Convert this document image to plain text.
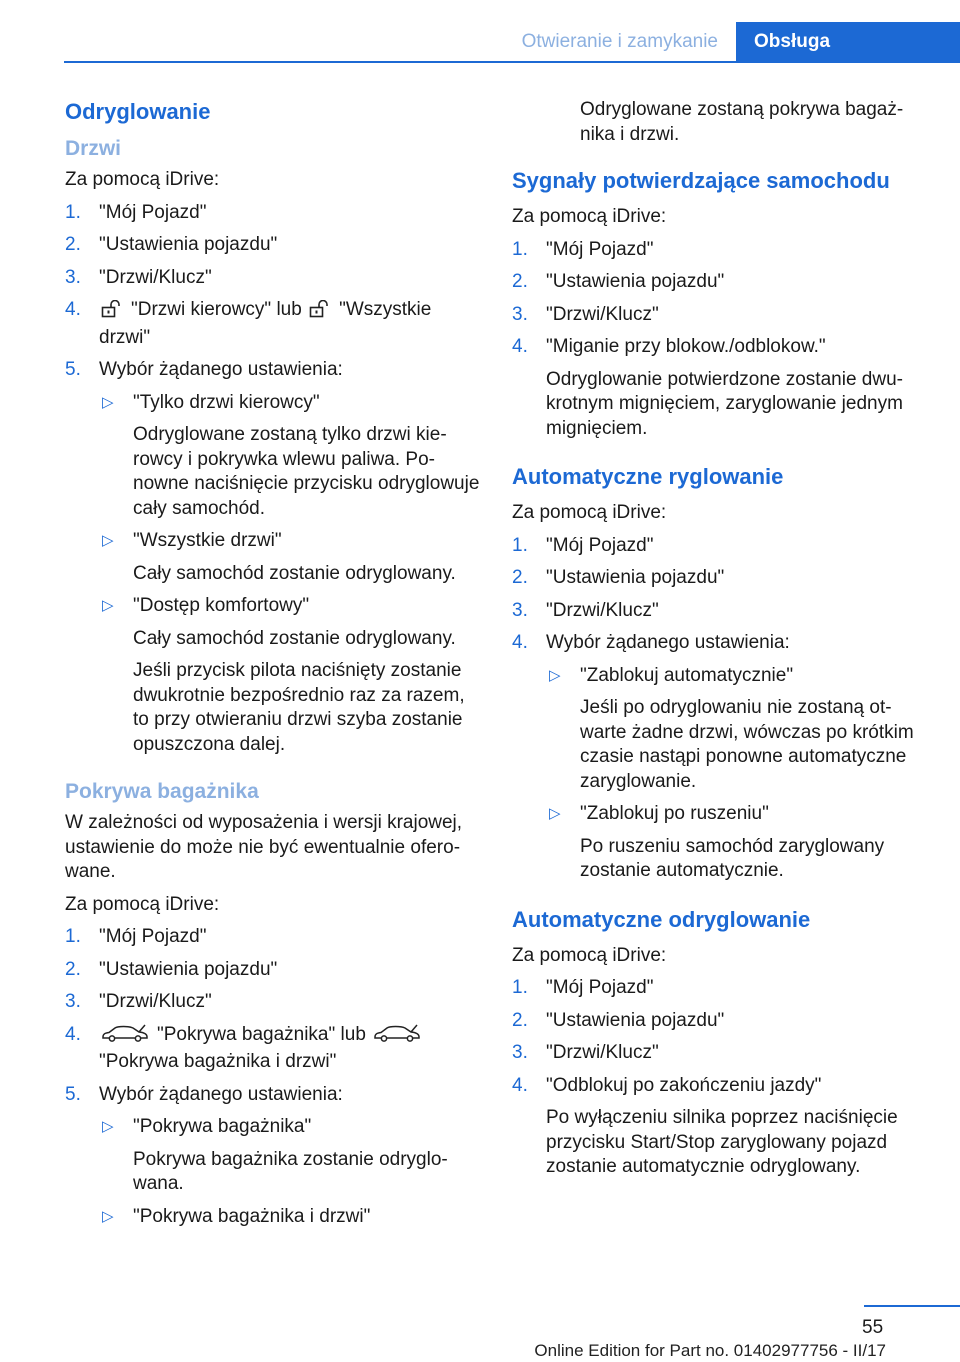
Otwieranie i zamykanie Obsługa
Odryglowanie
Drzwi

Za pomocą iDrive:

1. "Mój Pojazd"
2. "Ustawienia pojazdu"
3. "Drzwi/Klucz"
4.	"Drzwi kierowcy" lub "Wszystkie drzwi"
5. Wybór żądanego ustawienia:
▷ "Tylko drzwi kierowcy"

Odryglowane zostaną tylko drzwi kierowcy i pokrywka wlewu paliwa. Ponowne naciśnięcie przycisku odryglowuje cały samochód.

▷ "Wszystkie drzwi"

Cały samochód zostanie odryglowany.

▷ "Dostęp komfortowy"

Cały samochód zostanie odryglowany.

Jeśli przycisk pilota naciśnięty zostanie dwukrotnie bezpośrednio raz za razem, to przy otwieraniu drzwi szyba zostanie opuszczona dalej.

Pokrywa bagażnika

W zależności od wyposażenia i wersji krajowej, ustawienie do może nie być ewentualnie oferowane.

Za pomocą iDrive:

1. "Mój Pojazd"
2. "Ustawienia pojazdu"
3. "Drzwi/Klucz"
4.	"Pokrywa bagażnika" lub "Pokrywa bagażnika i drzwi"
5. Wybór żądanego ustawienia:
▷ "Pokrywa bagażnika"

Pokrywa bagażnika zostanie odryglowana.

▷ "Pokrywa bagażnika i drzwi"

Odryglowane zostaną pokrywa bagażnika i drzwi.

Sygnały potwierdzające samochodu

Za pomocą iDrive:

1. "Mój Pojazd"
2. "Ustawienia pojazdu"
3. "Drzwi/Klucz"
4. "Miganie przy blokow./odblokow."

Odryglowanie potwierdzone zostanie dwukrotnym mignięciem, zaryglowanie jednym mignięciem.

Automatyczne ryglowanie

Za pomocą iDrive:

1. "Mój Pojazd"
2. "Ustawienia pojazdu"
3. "Drzwi/Klucz"
4. Wybór żądanego ustawienia:
▷ "Zablokuj automatycznie"

Jeśli po odryglowaniu nie zostaną otwarte żadne drzwi, wówczas po krótkim czasie nastąpi ponowne automatyczne zaryglowanie.

▷ "Zablokuj po ruszeniu"

Po ruszeniu samochód zaryglowany zostanie automatycznie.

Automatyczne odryglowanie

Za pomocą iDrive:

1. "Mój Pojazd"
2. "Ustawienia pojazdu"
3. "Drzwi/Klucz"
4. "Odblokuj po zakończeniu jazdy"

Po wyłączeniu silnika poprzez naciśnięcie przycisku Start/Stop zaryglowany pojazd zostanie automatycznie odryglowany.

55
Online Edition for Part no. 01402977756 - II/17
